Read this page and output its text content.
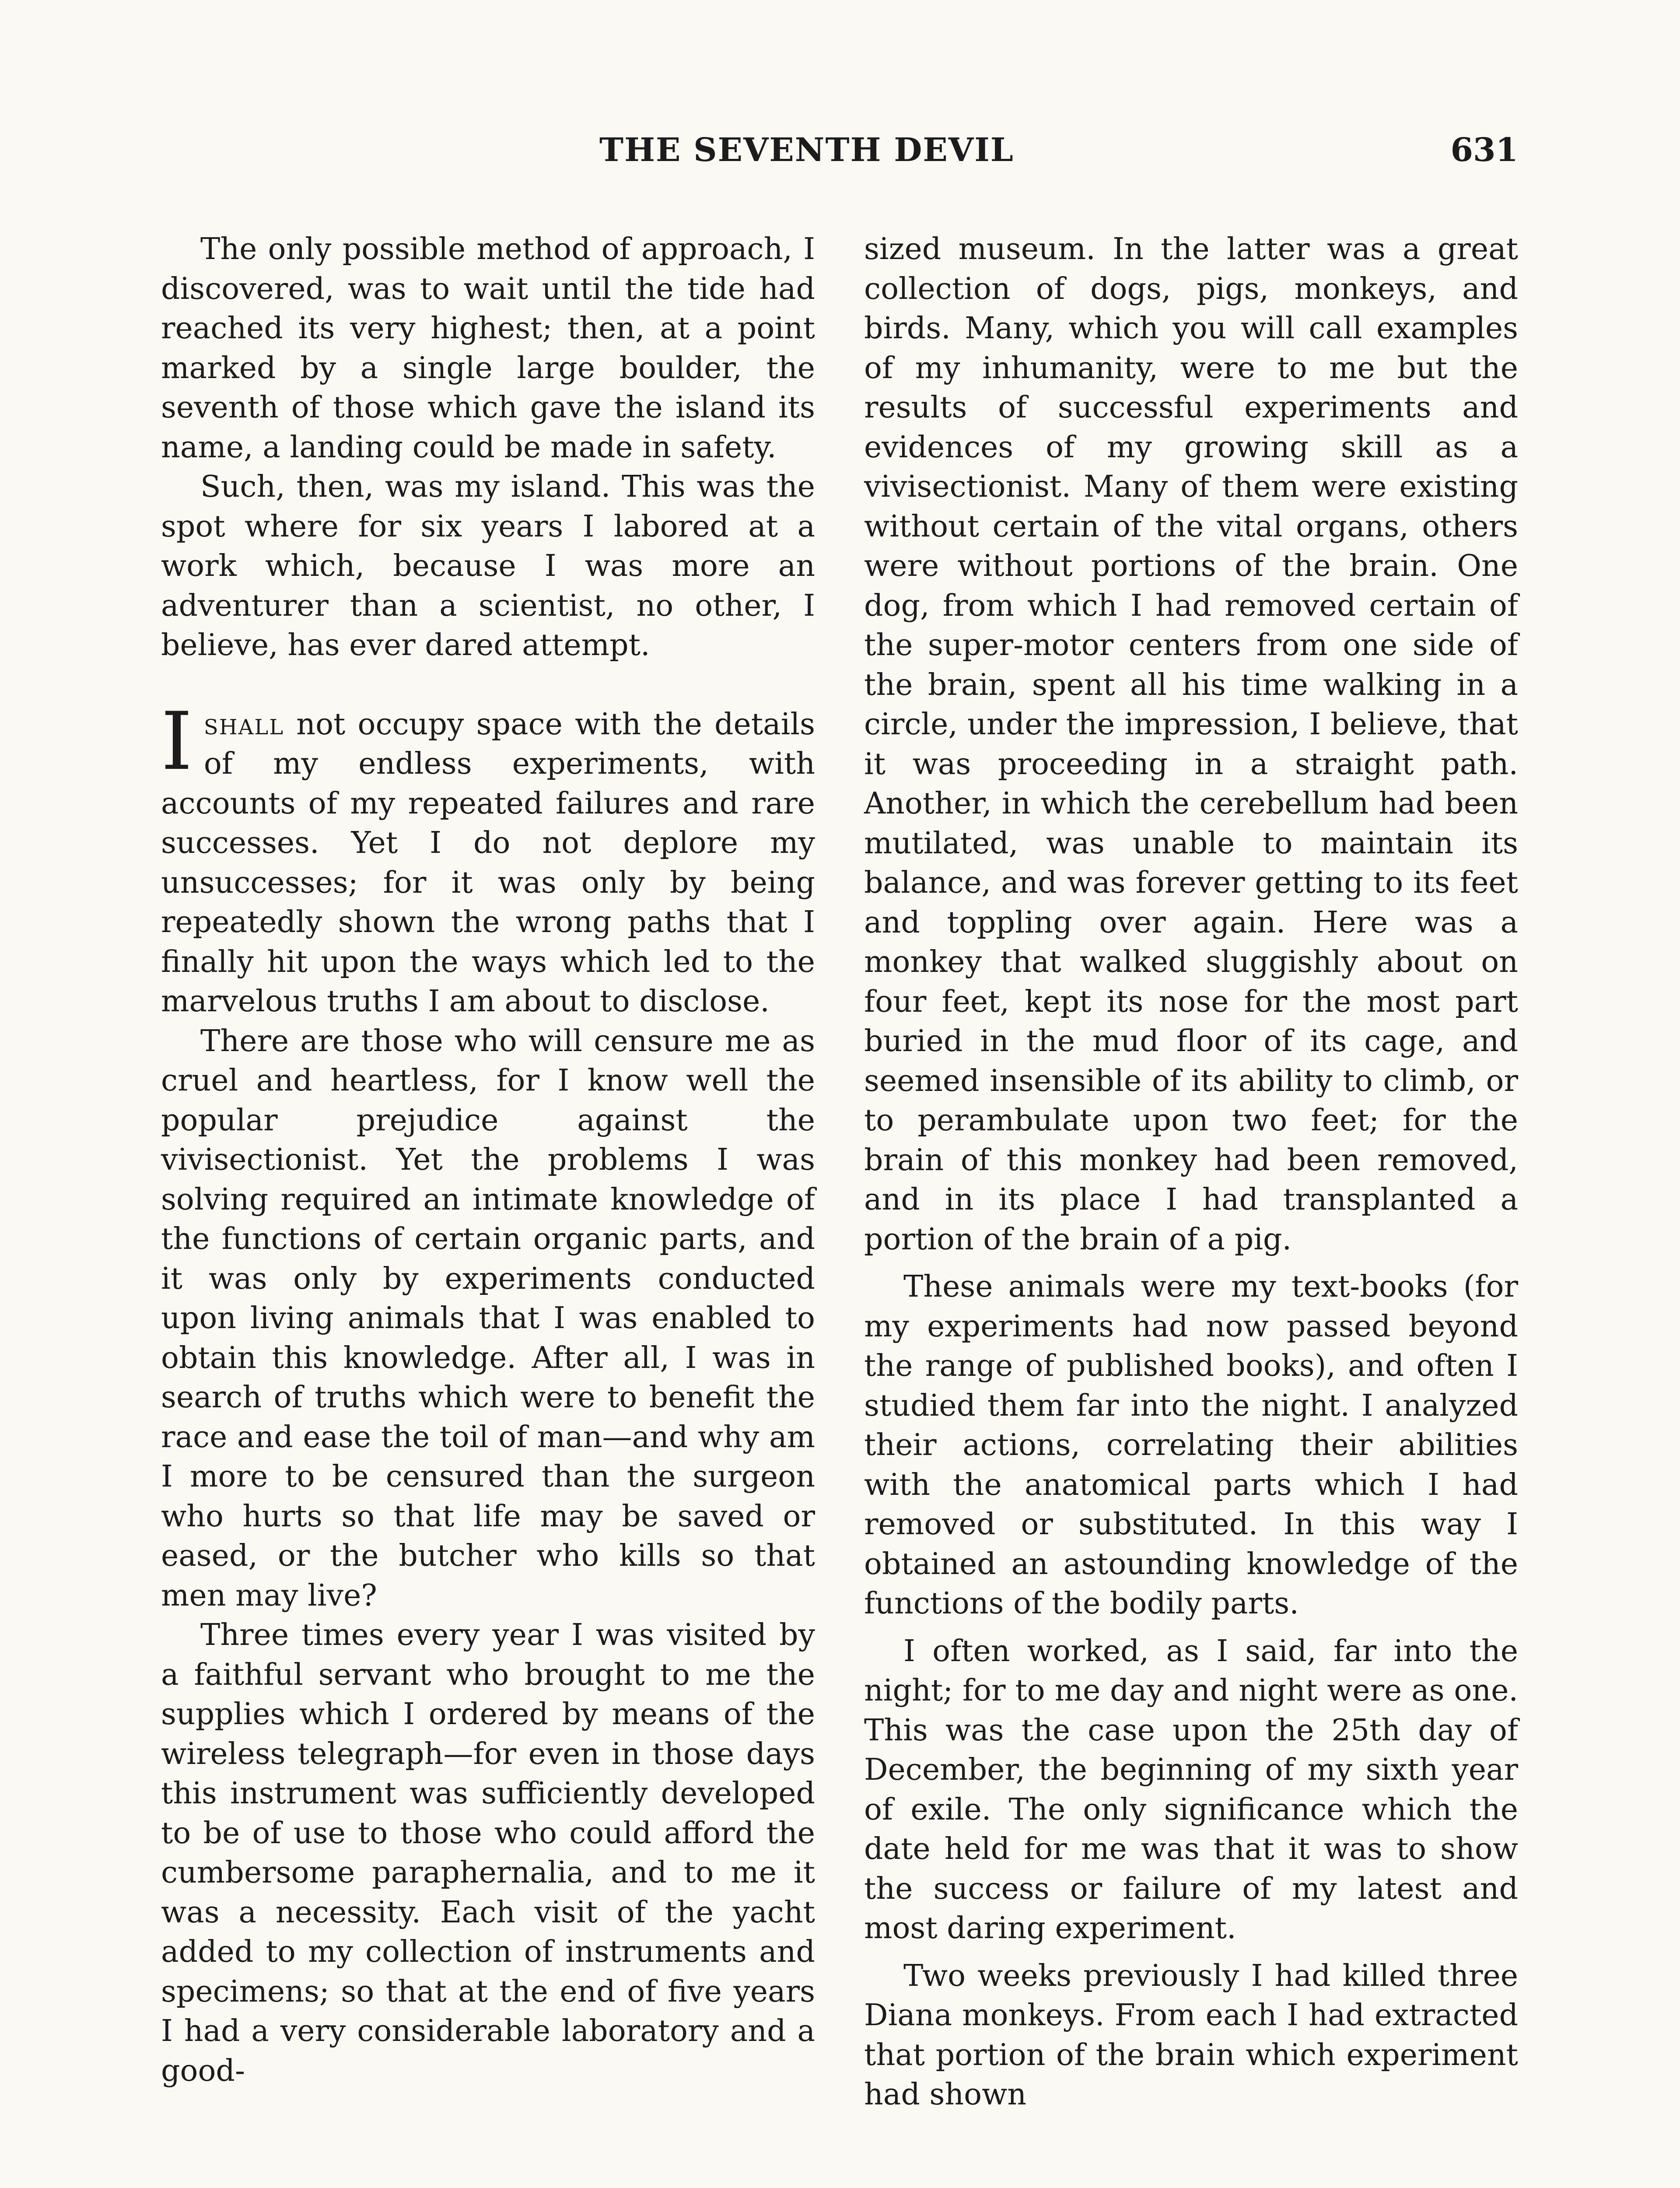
THE SEVENTH DEVIL	631

The only possible method of approach, I discovered, was to wait until the tide had reached its very highest; then, at a point marked by a single large boulder, the seventh of those which gave the island its name, a landing could be made in safety.

Such, then, was my island. This was the spot where for six years I labored at a work which, because I was more an adventurer than a scientist, no other, I believe, has ever dared attempt.

Ishall not occupy space with the details of my endless experiments, with accounts of my repeated failures and rare successes. Yet I do not deplore my unsuccesses; for it was only by being repeatedly shown the wrong paths that I finally hit upon the ways which led to the marvelous truths I am about to disclose.

There are those who will censure me as cruel and heartless, for I know well the popular prejudice against the vivisectionist. Yet the problems I was solving required an intimate knowledge of the functions of certain organic parts, and it was only by experiments conducted upon living animals that I was enabled to obtain this knowledge. After all, I was in search of truths which were to benefit the race and ease the toil of man—and why am I more to be censured than the surgeon who hurts so that life may be saved or eased, or the butcher who kills so that men may live?

Three times every year I was visited by a faithful servant who brought to me the supplies which I ordered by means of the wireless telegraph—for even in those days this instrument was sufficiently developed to be of use to those who could afford the cumbersome paraphernalia, and to me it was a necessity. Each visit of the yacht added to my collection of instruments and specimens; so that at the end of five years I had a very considerable laboratory and a good-

sized museum. In the latter was a great collection of dogs, pigs, monkeys, and birds. Many, which you will call examples of my inhumanity, were to me but the results of successful experiments and evidences of my growing skill as a vivisectionist. Many of them were existing without certain of the vital organs, others were without portions of the brain. One dog, from which I had removed certain of the super-motor centers from one side of the brain, spent all his time walking in a circle, under the impression, I believe, that it was proceeding in a straight path. Another, in which the cerebellum had been mutilated, was unable to maintain its balance, and was forever getting to its feet and toppling over again. Here was a monkey that walked sluggishly about on four feet, kept its nose for the most part buried in the mud floor of its cage, and seemed insensible of its ability to climb, or to perambulate upon two feet; for the brain of this monkey had been removed, and in its place I had transplanted a portion of the brain of a pig.

These animals were my text-books (for my experiments had now passed beyond the range of published books), and often I studied them far into the night. I analyzed their actions, correlating their abilities with the anatomical parts which I had removed or substituted. In this way I obtained an astounding knowledge of the functions of the bodily parts.

I often worked, as I said, far into the night; for to me day and night were as one. This was the case upon the 25th day of December, the beginning of my sixth year of exile. The only significance which the date held for me was that it was to show the success or failure of my latest and most daring experiment.

Two weeks previously I had killed three Diana monkeys. From each I had extracted that portion of the brain which experiment had shown
